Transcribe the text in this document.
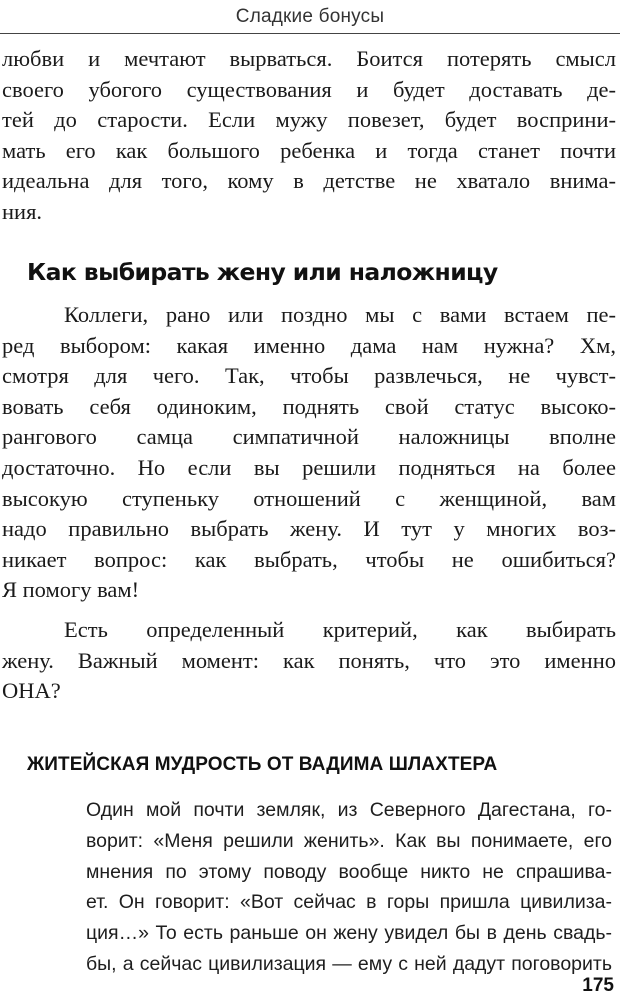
Сладкие бонусы
любви и мечтают вырваться. Боится потерять смысл
своего убогого существования и будет доставать де-
тей до старости. Если мужу повезет, будет восприни-
мать его как большого ребенка и тогда станет почти
идеальна для того, кому в детстве не хватало внима-
ния.
Как выбирать жену или наложницу
Коллеги, рано или поздно мы с вами встаем пе-
ред выбором: какая именно дама нам нужна? Хм,
смотря для чего. Так, чтобы развлечься, не чувст-
вовать себя одиноким, поднять свой статус высоко-
рангового самца симпатичной наложницы вполне
достаточно. Но если вы решили подняться на более
высокую ступеньку отношений с женщиной, вам
надо правильно выбрать жену. И тут у многих воз-
никает вопрос: как выбрать, чтобы не ошибиться?
Я помогу вам!
Есть определенный критерий, как выбирать
жену. Важный момент: как понять, что это именно
ОНА?
ЖИТЕЙСКАЯ МУДРОСТЬ ОТ ВАДИМА ШЛАХТЕРА
Один мой почти земляк, из Северного Дагестана, го-
ворит: «Меня решили женить». Как вы понимаете, его
мнения по этому поводу вообще никто не спрашива-
ет. Он говорит: «Вот сейчас в горы пришла цивилиза-
ция…» То есть раньше он жену увидел бы в день свадь-
бы, а сейчас цивилизация — ему с ней дадут поговорить
175
